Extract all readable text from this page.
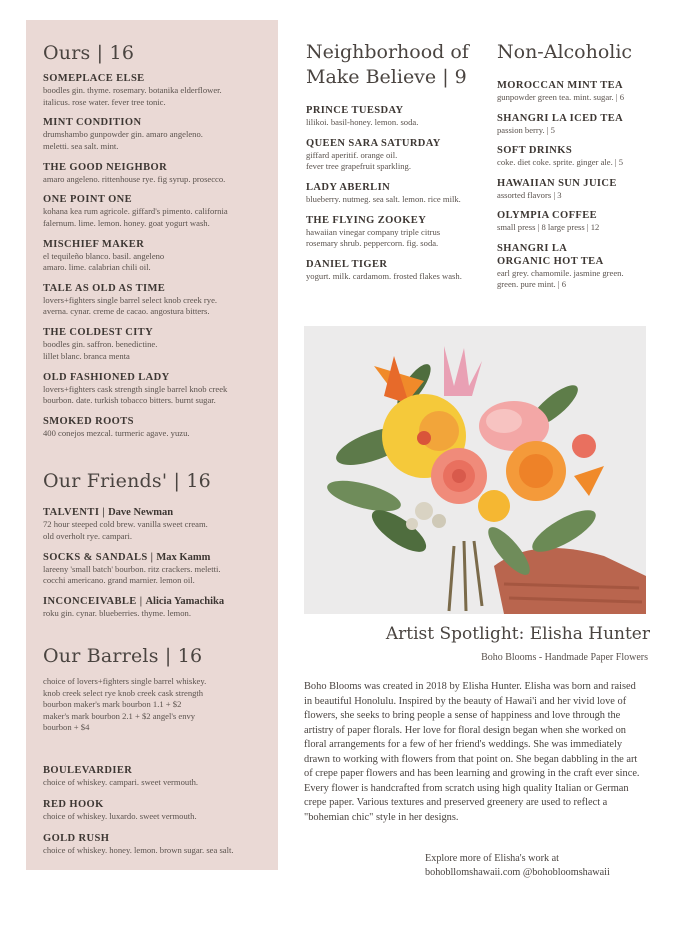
Ours | 16
SOMEPLACE ELSE
boodles gin. thyme. rosemary. botanika elderflower.
italicus. rose water. fever tree tonic.
MINT CONDITION
drumshambo gunpowder gin. amaro angeleno.
meletti. sea salt. mint.
THE GOOD NEIGHBOR
amaro angeleno. rittenhouse rye. fig syrup. prosecco.
ONE POINT ONE
kohana kea rum agricole. giffard's pimento. california
falernum. lime. lemon. honey. goat yogurt wash.
MISCHIEF MAKER
el tequileño blanco. basil. angeleno
amaro. lime. calabrian chili oil.
TALE AS OLD AS TIME
lovers+fighters single barrel select knob creek rye.
averna. cynar. creme de cacao. angostura bitters.
THE COLDEST CITY
boodles gin. saffron. benedictine.
lillet blanc. branca menta
OLD FASHIONED LADY
lovers+fighters cask strength single barrel knob creek
bourbon. date. turkish tobacco bitters. burnt sugar.
SMOKED ROOTS
400 conejos mezcal. turmeric agave. yuzu.
Our Friends' | 16
TALVENTI | Dave Newman
72 hour steeped cold brew. vanilla sweet cream.
old overholt rye. campari.
SOCKS & SANDALS | Max Kamm
lareeny 'small batch' bourbon. ritz crackers. meletti.
cocchi americano. grand marnier. lemon oil.
INCONCEIVABLE | Alicia Yamachika
roku gin. cynar. blueberries. thyme. lemon.
Our Barrels | 16
choice of lovers+fighters single barrel whiskey.
knob creek select rye knob creek cask strength
bourbon maker's mark bourbon 1.1 + $2
maker's mark bourbon 2.1 + $2 angel's envy
bourbon + $4
BOULEVARDIER
choice of whiskey. campari. sweet vermouth.
RED HOOK
choice of whiskey. luxardo. sweet vermouth.
GOLD RUSH
choice of whiskey. honey. lemon. brown sugar. sea salt.
Neighborhood of
Make Believe | 9
PRINCE TUESDAY
lilikoi. basil-honey. lemon. soda.
QUEEN SARA SATURDAY
giffard aperitif. orange oil.
fever tree grapefruit sparkling.
LADY ABERLIN
blueberry. nutmeg. sea salt. lemon. rice milk.
THE FLYING ZOOKEY
hawaiian vinegar company triple citrus
rosemary shrub. peppercorn. fig. soda.
DANIEL TIGER
yogurt. milk. cardamom. frosted flakes wash.
Non-Alcoholic
MOROCCAN MINT TEA
gunpowder green tea. mint. sugar. | 6
SHANGRI LA ICED TEA
passion berry. | 5
SOFT DRINKS
coke. diet coke. sprite. ginger ale. | 5
HAWAIIAN SUN JUICE
assorted flavors | 3
OLYMPIA COFFEE
small press | 8 large press | 12
SHANGRI LA
ORGANIC HOT TEA
earl grey. chamomile. jasmine green.
green. pure mint. | 6
Artist Spotlight: Elisha Hunter
Boho Blooms - Handmade Paper Flowers
Boho Blooms was created in 2018 by Elisha Hunter. Elisha was born and raised in beautiful Honolulu. Inspired by the beauty of Hawai'i and her vivid love of flowers, she seeks to bring people a sense of happiness and love through the artistry of paper florals. Her love for floral design began when she worked on floral arrangements for a few of her friend's weddings. She was immediately drawn to working with flowers from that point on. She began dabbling in the art of crepe paper flowers and has been learning and growing in the craft ever since. Every flower is handcrafted from scratch using high quality Italian or German crepe paper. Various textures and preserved greenery are used to reflect a "bohemian chic" style in her designs.
Explore more of Elisha's work at
bohobllomshawaii.com @bohobloomshawaii
